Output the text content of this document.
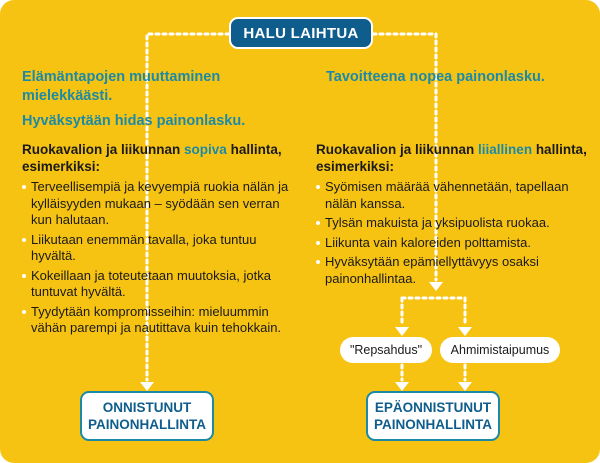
HALU LAIHTUA
Elämäntapojen muuttaminen
mielekkäästi.
Hyväksytään hidas painonlasku.
Ruokavalion ja liikunnan sopiva hallinta,
esimerkiksi:
Terveellisempiä ja kevyempiä ruokia nälän ja kylläisyyden mukaan – syödään sen verran kun halutaan.
Liikutaan enemmän tavalla, joka tuntuu hyvältä.
Kokeillaan ja toteutetaan muutoksia, jotka tuntuvat hyvältä.
Tyydytään kompromisseihin: mieluummin vähän parempi ja nautittava kuin tehokkain.
ONNISTUNUT
PAINONHALLINTA
Tavoitteena nopea painonlasku.
Ruokavalion ja liikunnan liiallinen hallinta,
esimerkiksi:
Syömisen määrää vähennetään, tapellaan nälän kanssa.
Tylsän makuista ja yksipuolista ruokaa.
Liikunta vain kaloreiden polttamista.
Hyväksytään epämiellyttävyys osaksi painonhallintaa.
"Repsahdus" Ahmimistaipumus
EPÄONNISTUNUT
PAINONHALLINTA
